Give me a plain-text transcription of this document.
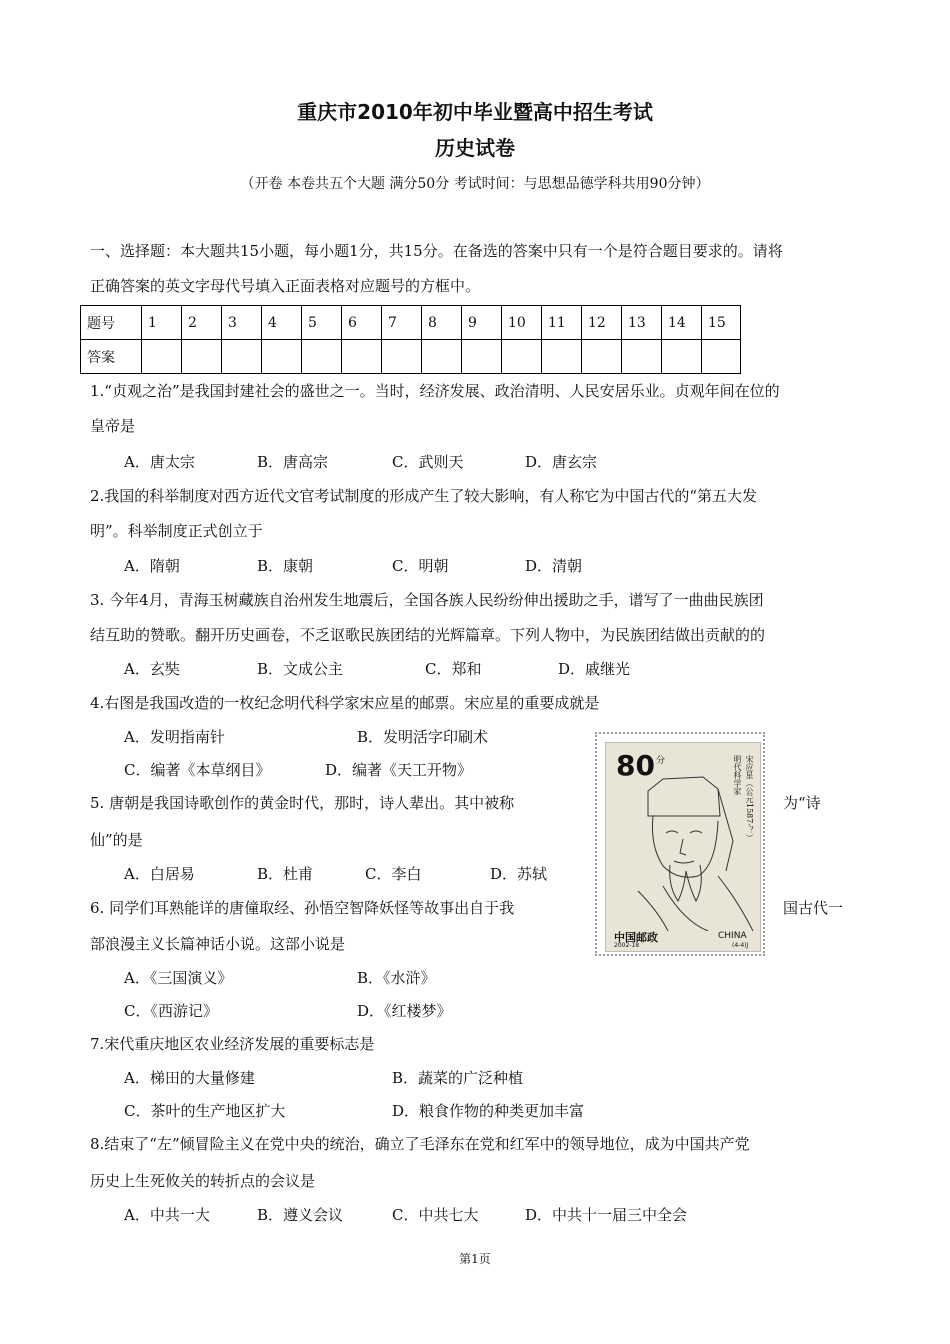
重庆市2010年初中毕业暨高中招生考试
历史试卷
（开卷 本卷共五个大题 满分50分 考试时间：与思想品德学科共用90分钟）
一、选择题：本大题共15小题，每小题1分，共15分。在备选的答案中只有一个是符合题目要求的。请将
正确答案的英文字母代号填入正面表格对应题号的方框中。
题号	1	2	3	4	5	6	7	8	9	10	11	12	13	14	15
答案															
1.“贞观之治”是我国封建社会的盛世之一。当时，经济发展、政治清明、人民安居乐业。贞观年间在位的
皇帝是
A．唐太宗	B．唐高宗	C．武则天	D．唐玄宗
2.我国的科举制度对西方近代文官考试制度的形成产生了较大影响，有人称它为中国古代的“第五大发
明”。科举制度正式创立于
A．隋朝	B．康朝	C．明朝	D．清朝
3. 今年4月，青海玉树藏族自治州发生地震后，全国各族人民纷纷伸出援助之手，谱写了一曲曲民族团
结互助的赞歌。翻开历史画卷，不乏讴歌民族团结的光辉篇章。下列人物中，为民族团结做出贡献的的
A．玄奘	B．文成公主	C．郑和	D．戚继光
4.右图是我国改造的一枚纪念明代科学家宋应星的邮票。宋应星的重要成就是
A．发明指南针	B．发明活字印刷术
C．编著《本草纲目》	D．编著《天工开物》
5. 唐朝是我国诗歌创作的黄金时代，那时，诗人辈出。其中被称	为“诗
仙”的是
A．白居易	B．杜甫	C．李白	D．苏轼
6. 同学们耳熟能详的唐僮取经、孙悟空智降妖怪等故事出自于我	国古代一
部浪漫主义长篇神话小说。这部小说是
A．《三国演义》	B．《水浒》
C．《西游记》	D．《红楼梦》
7.宋代重庆地区农业经济发展的重要标志是
A．梯田的大量修建	B．蔬菜的广泛种植
C．茶叶的生产地区扩大	D．粮食作物的种类更加丰富
8.结束了“左”倾冒险主义在党中央的统治，确立了毛泽东在党和红军中的领导地位，成为中国共产党
历史上生死攸关的转折点的会议是
A．中共一大	B．遵义会议	C．中共七大	D．中共十一届三中全会
80 分	宋应星（公元1587-？）
明代科学家
中国邮政	CHINA
2002-18	(4-4)J
第1页
